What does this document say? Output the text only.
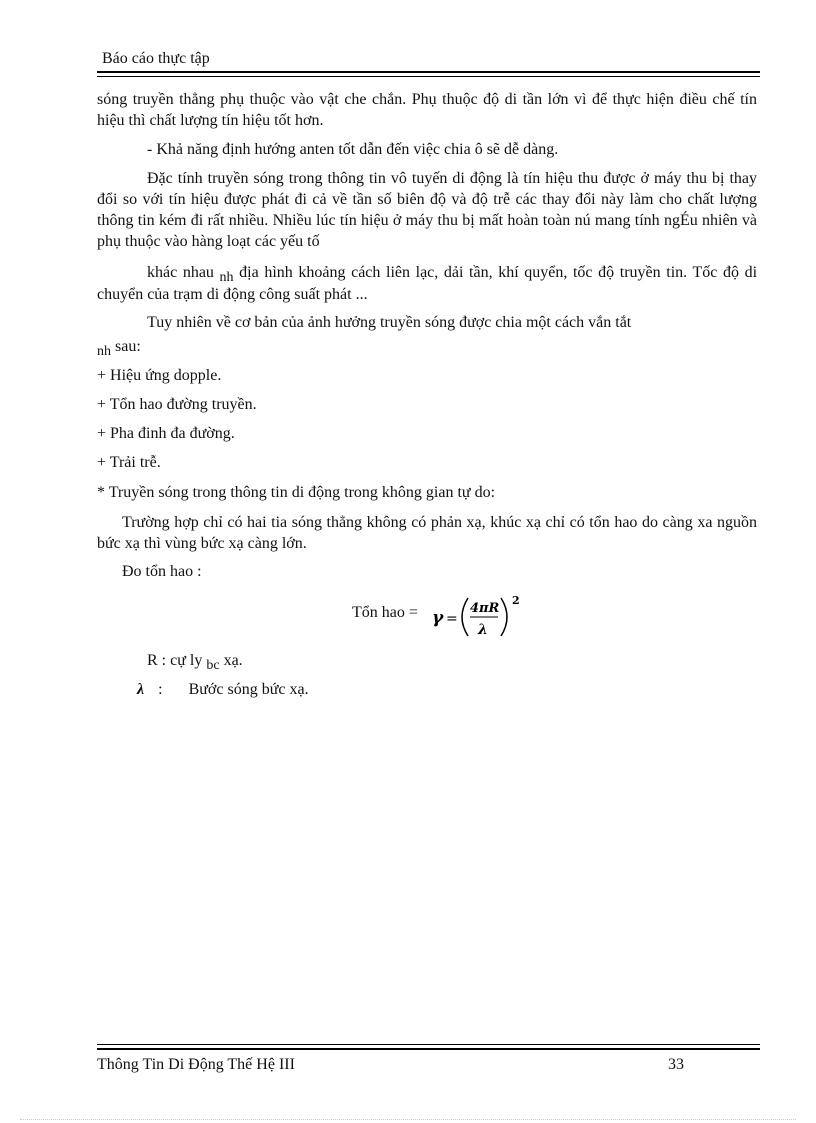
Báo cáo thực tập
sóng truyền thẳng phụ thuộc vào vật che chắn. Phụ thuộc độ di tần lớn vì để thực hiện điều chế tín hiệu thì chất lượng tín hiệu tốt hơn.
- Khả năng định hướng anten tốt dẫn đến việc chia ô sẽ dễ dàng.
Đặc tính truyền sóng trong thông tin vô tuyến di động là tín hiệu thu được ở máy thu bị thay đổi so với tín hiệu được phát đi cả về tần số biên độ và độ trễ các thay đổi này làm cho chất lượng thông tin kém đi rất nhiều. Nhiều lúc tín hiệu ở máy thu bị mất hoàn toàn nú mang tính ngÉu nhiên và phụ thuộc vào hàng loạt các yếu tố
khác nhau nh địa hình khoảng cách liên lạc, dải tần, khí quyển, tốc độ truyền tin. Tốc độ di chuyển của trạm di động công suất phát ...
Tuy nhiên về cơ bản của ảnh hưởng truyền sóng được chia một cách vắn tắt
nh sau:
+ Hiệu ứng dopple.
+ Tổn hao đường truyền.
+ Pha đinh đa đường.
+ Trải trễ.
* Truyền sóng trong thông tin di động trong không gian tự do:
Trường hợp chỉ có hai tia sóng thẳng không có phản xạ, khúc xạ chỉ có tổn hao do càng xa nguồn bức xạ thì vùng bức xạ càng lớn.
Đo tổn hao :
Tổn hao = γ =
4πR
λ
2
R : cự ly bc xạ.
λ : Bước sóng bức xạ.
Thông Tin Di Động Thế Hệ III	33
